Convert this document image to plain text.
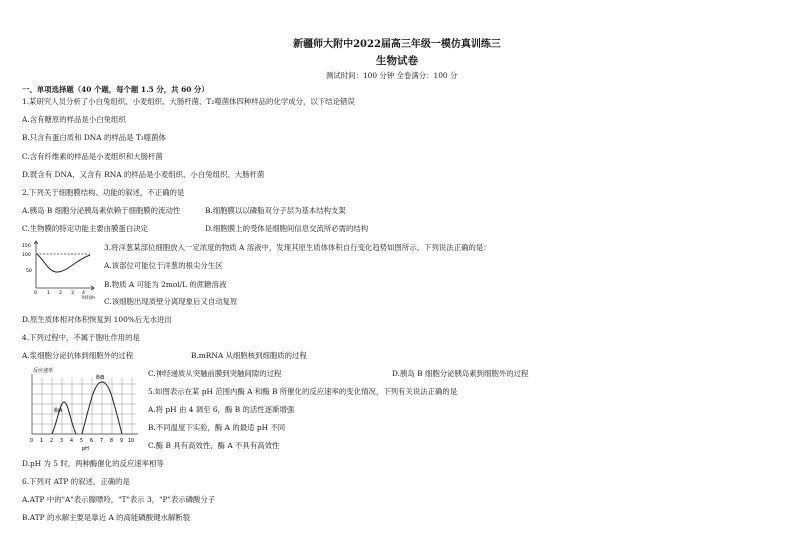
新疆师大附中2022届高三年级一模仿真训练三
生物试卷
测试时间：100 分钟 全卷满分：100 分
一、单项选择题（40 个题，每个题 1.5 分，共 60 分）
1.某研究人员分析了小白兔组织、小麦组织、大肠杆菌、T₂噬菌体四种样品的化学成分，以下结论错误
A.含有糖原的样品是小白兔组织
B.只含有蛋白质和 DNA 的样品是 T₂噬菌体
C.含有纤维素的样品是小麦组织和大肠杆菌
D.既含有 DNA，又含有 RNA 的样品是小麦组织、小白兔组织、大肠杆菌
2.下列关于细胞膜结构、功能的叙述，不正确的是
A.胰岛 B 细胞分泌胰岛素依赖于细胞膜的流动性	B.细胞膜以以磷脂双分子层为基本结构支架
C.生物膜的特定功能主要由膜蛋白决定	D.细胞膜上的受体是细胞间信息交流所必需的结构
150
100
50
0 1 2 3 4
时间/h
3.将洋葱某部位细胞放入一定浓度的物质 A 溶液中，发现其原生质体体积自行变化趋势如图所示，下列说法正确的是：
A.该部位可能位于洋葱的根尖分生区
B.物质 A 可能为 2mol/L 的蔗糖溶液
C.该细胞出现质壁分离现象后又自动复原
D.原生质体相对体积恢复到 100%后无水进出
4.下列过程中，不属于胞吐作用的是
A.浆细胞分泌抗体到细胞外的过程	B.mRNA 从细胞核到细胞质的过程
C.神经递质从突触前膜到突触间隙的过程	D.胰岛 B 细胞分泌胰岛素到细胞外的过程
反应速率
酶A
酶B
0 1 2 3 4 5 6 7 8 9 10
pH
5.如图表示在某 pH 范围内酶 A 和酶 B 所催化的反应速率的变化情况，下列有关说法正确的是
A.将 pH 由 4 调至 6，酶 B 的活性逐渐增强
B.不同温度下实验，酶 A 的最适 pH 不同
C.酶 B 具有高效性，酶 A 不具有高效性
D.pH 为 5 时，两种酶催化的反应速率相等
6.下列对 ATP 的叙述，正确的是
A.ATP 中的"A"表示腺嘌呤，"T"表示 3，"P"表示磷酸分子
B.ATP 的水解主要是靠近 A 的高能磷酸键水解断裂
